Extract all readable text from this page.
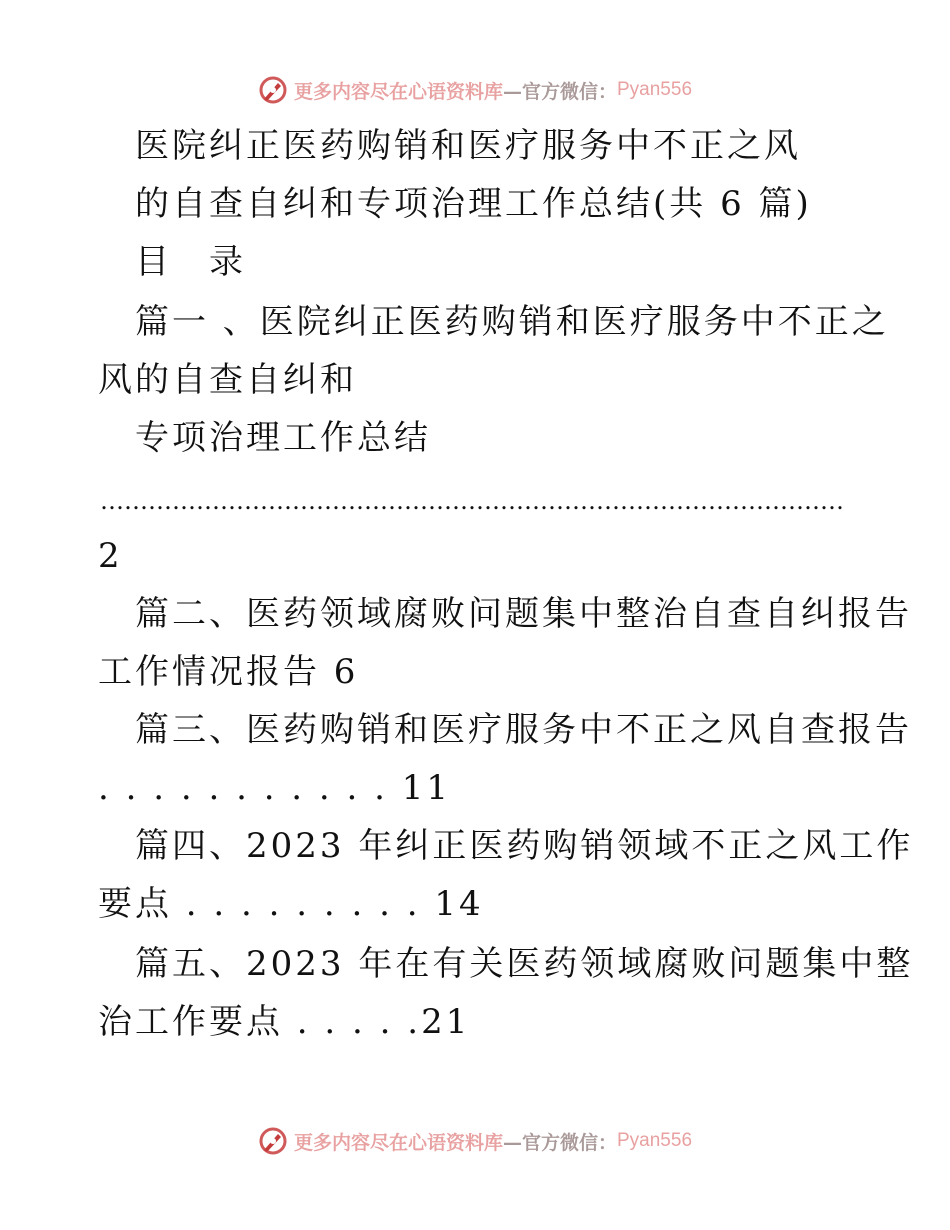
更多内容尽在心语资料库 —官方微信： Pyan556
医院纠正医药购销和医疗服务中不正之风
的自查自纠和专项治理工作总结(共 6 篇)
目　录
篇一 、医院纠正医药购销和医疗服务中不正之
风的自查自纠和
专项治理工作总结
…………………………………………………………………………………
2
篇二、医药领域腐败问题集中整治自查自纠报告
工作情况报告 6
篇三、医药购销和医疗服务中不正之风自查报告
. . . . . . . . . . . 11
篇四、2023 年纠正医药购销领域不正之风工作
要点 . . . . . . . . . 14
篇五、2023 年在有关医药领域腐败问题集中整
治工作要点 . . . . .21
更多内容尽在心语资料库 —官方微信： Pyan556
